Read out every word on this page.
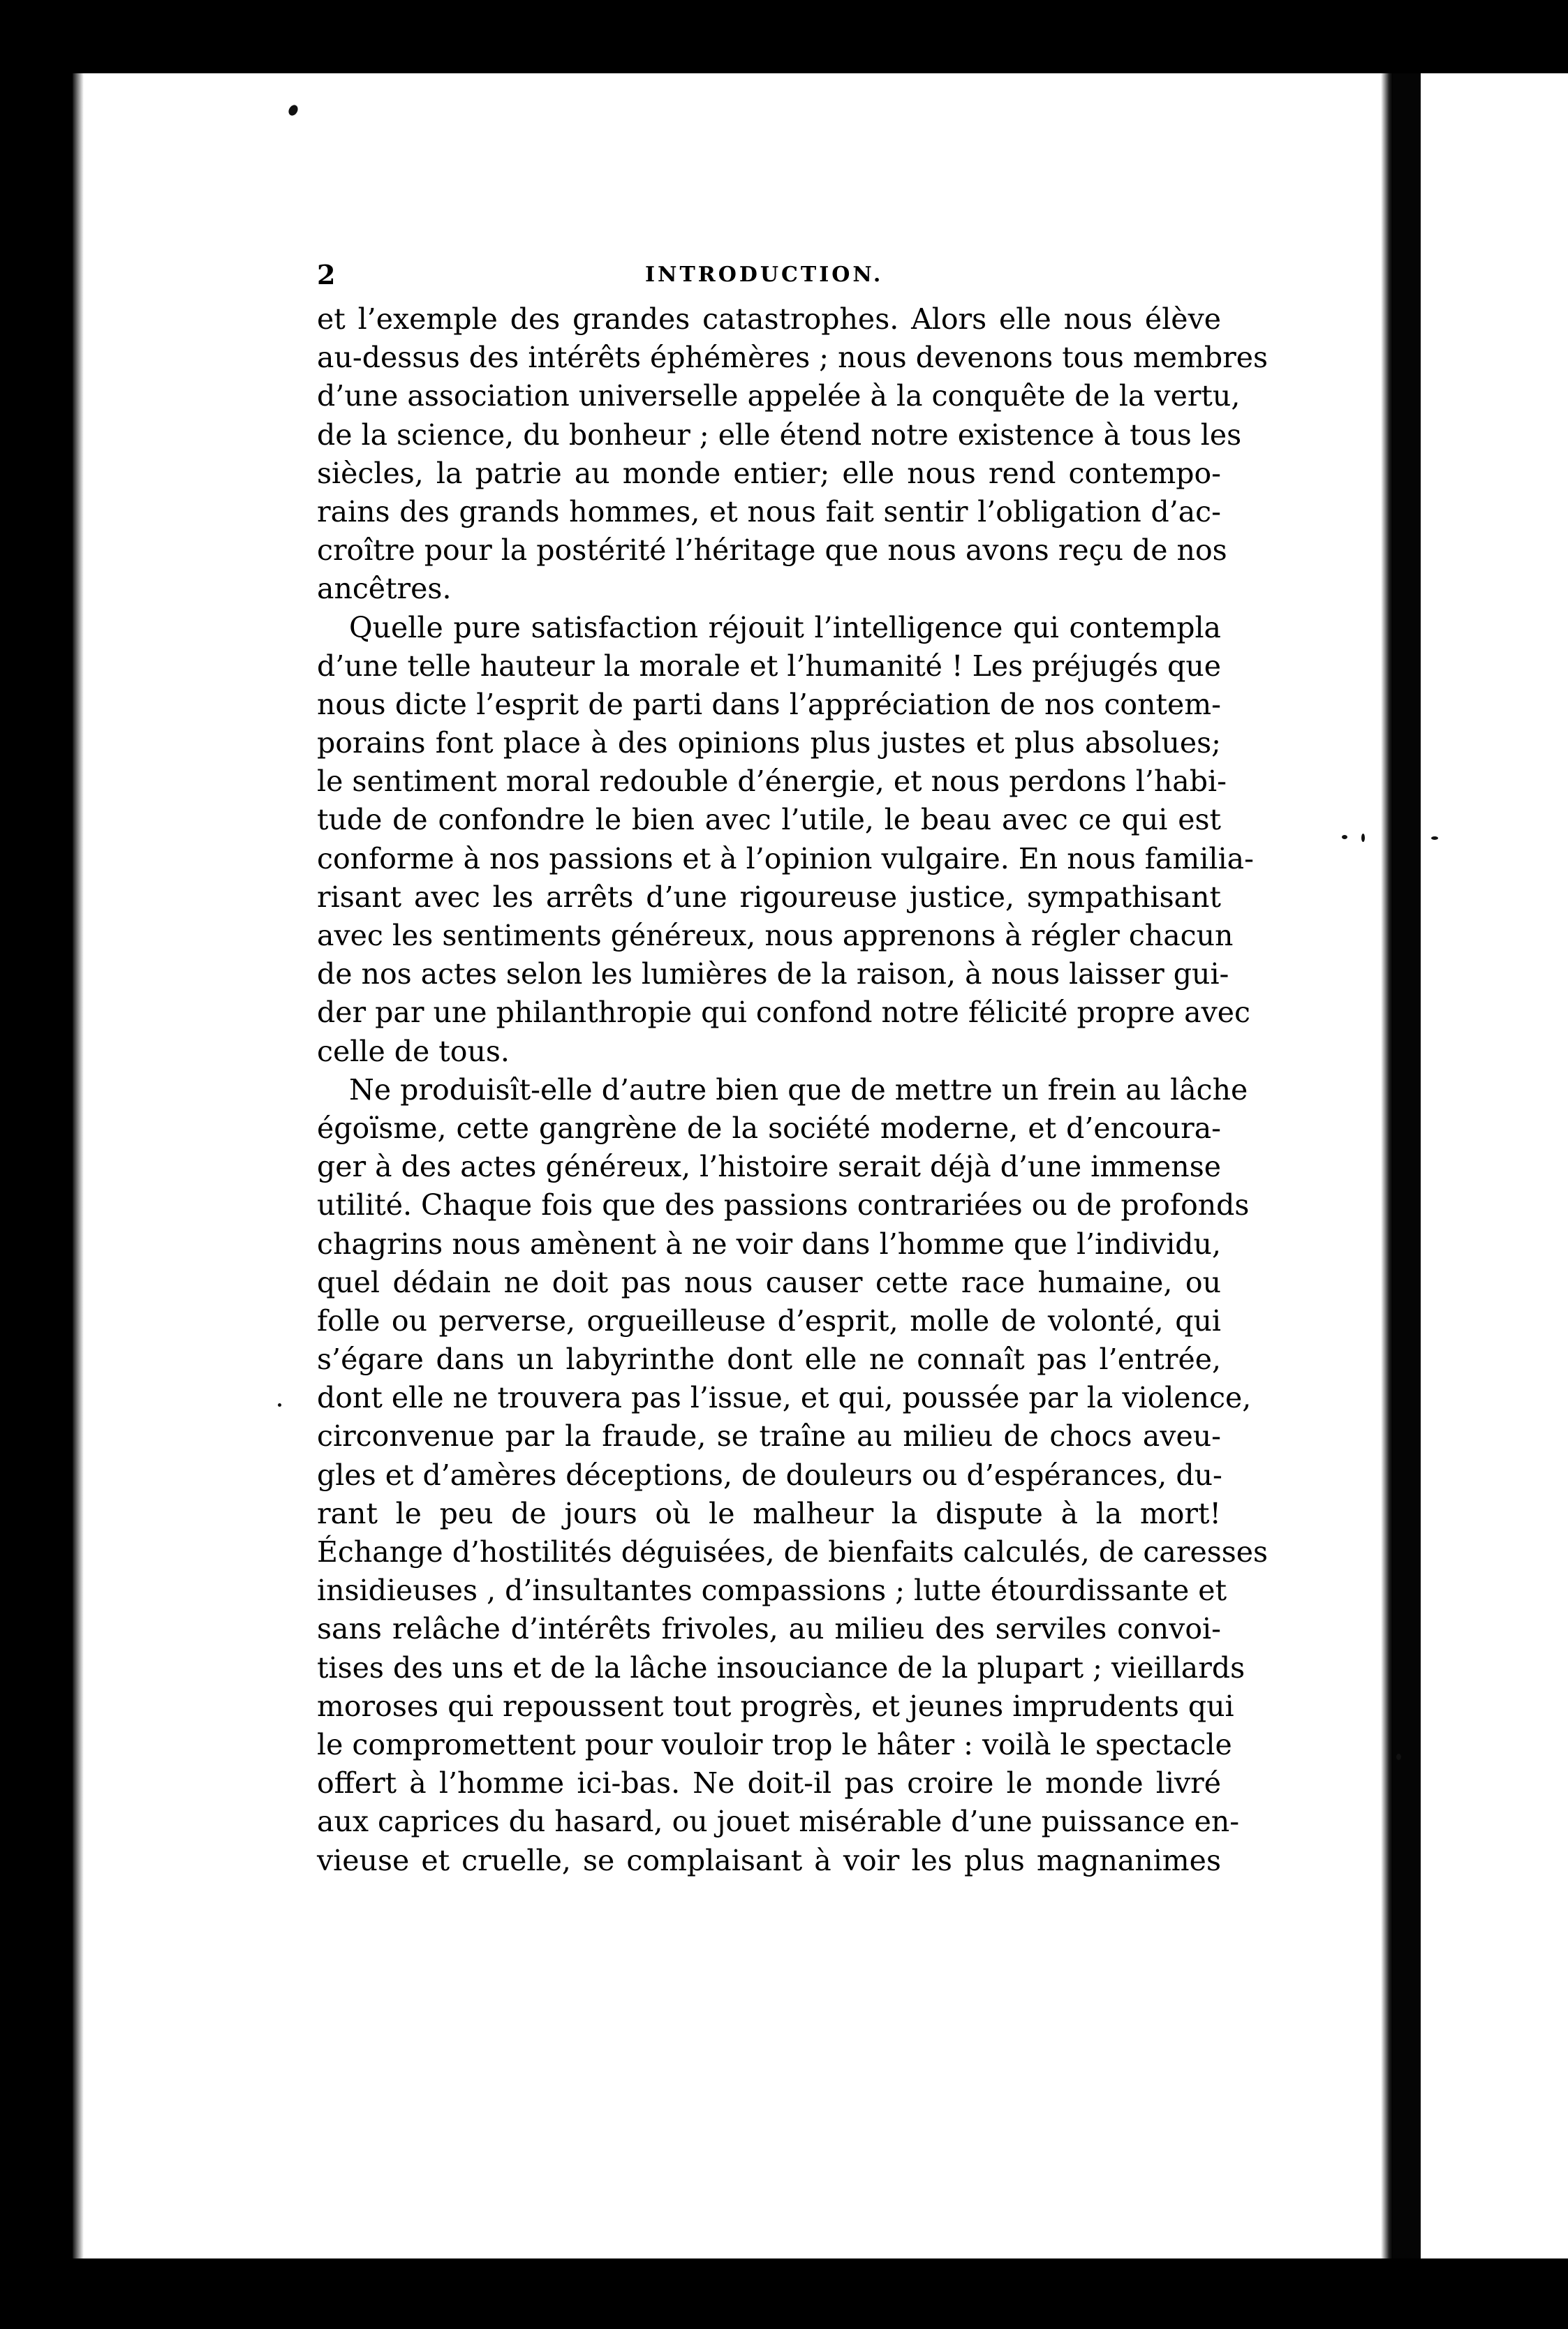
2	INTRODUCTION.
et l’exemple des grandes catastrophes. Alors elle nous élève
au-dessus des intérêts éphémères ; nous devenons tous membres
d’une association universelle appelée à la conquête de la vertu,
de la science, du bonheur ; elle étend notre existence à tous les
siècles, la patrie au monde entier; elle nous rend contempo-
rains des grands hommes, et nous fait sentir l’obligation d’ac-
croître pour la postérité l’héritage que nous avons reçu de nos
ancêtres.
Quelle pure satisfaction réjouit l’intelligence qui contempla
d’une telle hauteur la morale et l’humanité ! Les préjugés que
nous dicte l’esprit de parti dans l’appréciation de nos contem-
porains font place à des opinions plus justes et plus absolues;
le sentiment moral redouble d’énergie, et nous perdons l’habi-
tude de confondre le bien avec l’utile, le beau avec ce qui est
conforme à nos passions et à l’opinion vulgaire. En nous familia-
risant avec les arrêts d’une rigoureuse justice, sympathisant
avec les sentiments généreux, nous apprenons à régler chacun
de nos actes selon les lumières de la raison, à nous laisser gui-
der par une philanthropie qui confond notre félicité propre avec
celle de tous.
Ne produisît-elle d’autre bien que de mettre un frein au lâche
égoïsme, cette gangrène de la société moderne, et d’encoura-
ger à des actes généreux, l’histoire serait déjà d’une immense
utilité. Chaque fois que des passions contrariées ou de profonds
chagrins nous amènent à ne voir dans l’homme que l’individu,
quel dédain ne doit pas nous causer cette race humaine, ou
folle ou perverse, orgueilleuse d’esprit, molle de volonté, qui
s’égare dans un labyrinthe dont elle ne connaît pas l’entrée,
dont elle ne trouvera pas l’issue, et qui, poussée par la violence,
circonvenue par la fraude, se traîne au milieu de chocs aveu-
gles et d’amères déceptions, de douleurs ou d’espérances, du-
rant le peu de jours où le malheur la dispute à la mort!
Échange d’hostilités déguisées, de bienfaits calculés, de caresses
insidieuses , d’insultantes compassions ; lutte étourdissante et
sans relâche d’intérêts frivoles, au milieu des serviles convoi-
tises des uns et de la lâche insouciance de la plupart ; vieillards
moroses qui repoussent tout progrès, et jeunes imprudents qui
le compromettent pour vouloir trop le hâter : voilà le spectacle
offert à l’homme ici-bas. Ne doit-il pas croire le monde livré
aux caprices du hasard, ou jouet misérable d’une puissance en-
vieuse et cruelle, se complaisant à voir les plus magnanimes
